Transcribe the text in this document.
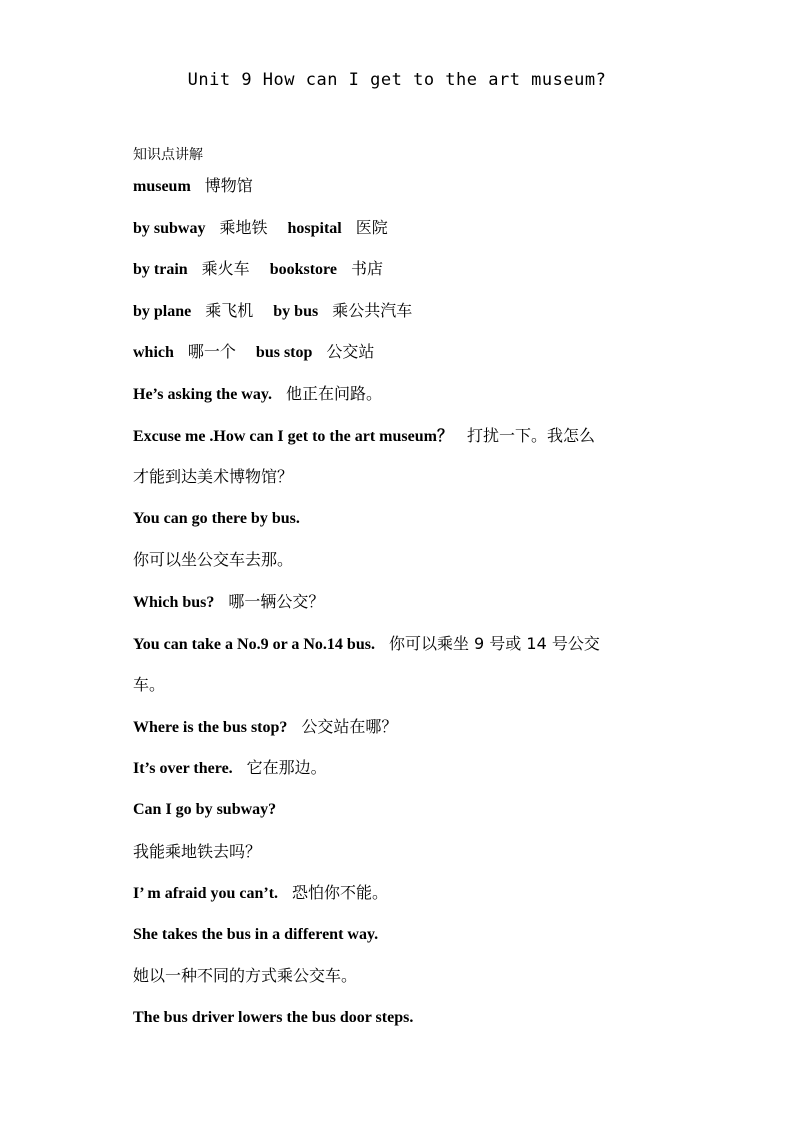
Unit 9 How can I get to the art museum?
知识点讲解
museum 博物馆
by subway 乘地铁 hospital 医院
by train 乘火车 bookstore 书店
by plane 乘飞机 by bus 乘公共汽车
which 哪一个 bus stop 公交站
He’s asking the way. 他正在问路。
Excuse me .How can I get to the art museum？ 打扰一下。我怎么
才能到达美术博物馆？
You can go there by bus.
你可以坐公交车去那。
Which bus? 哪一辆公交？
You can take a No.9 or a No.14 bus. 你可以乘坐 9 号或 14 号公交
车。
Where is the bus stop? 公交站在哪？
It’s over there. 它在那边。
Can I go by subway?
我能乘地铁去吗？
I’ m afraid you can’t. 恐怕你不能。
She takes the bus in a different way.
她以一种不同的方式乘公交车。
The bus driver lowers the bus door steps.
